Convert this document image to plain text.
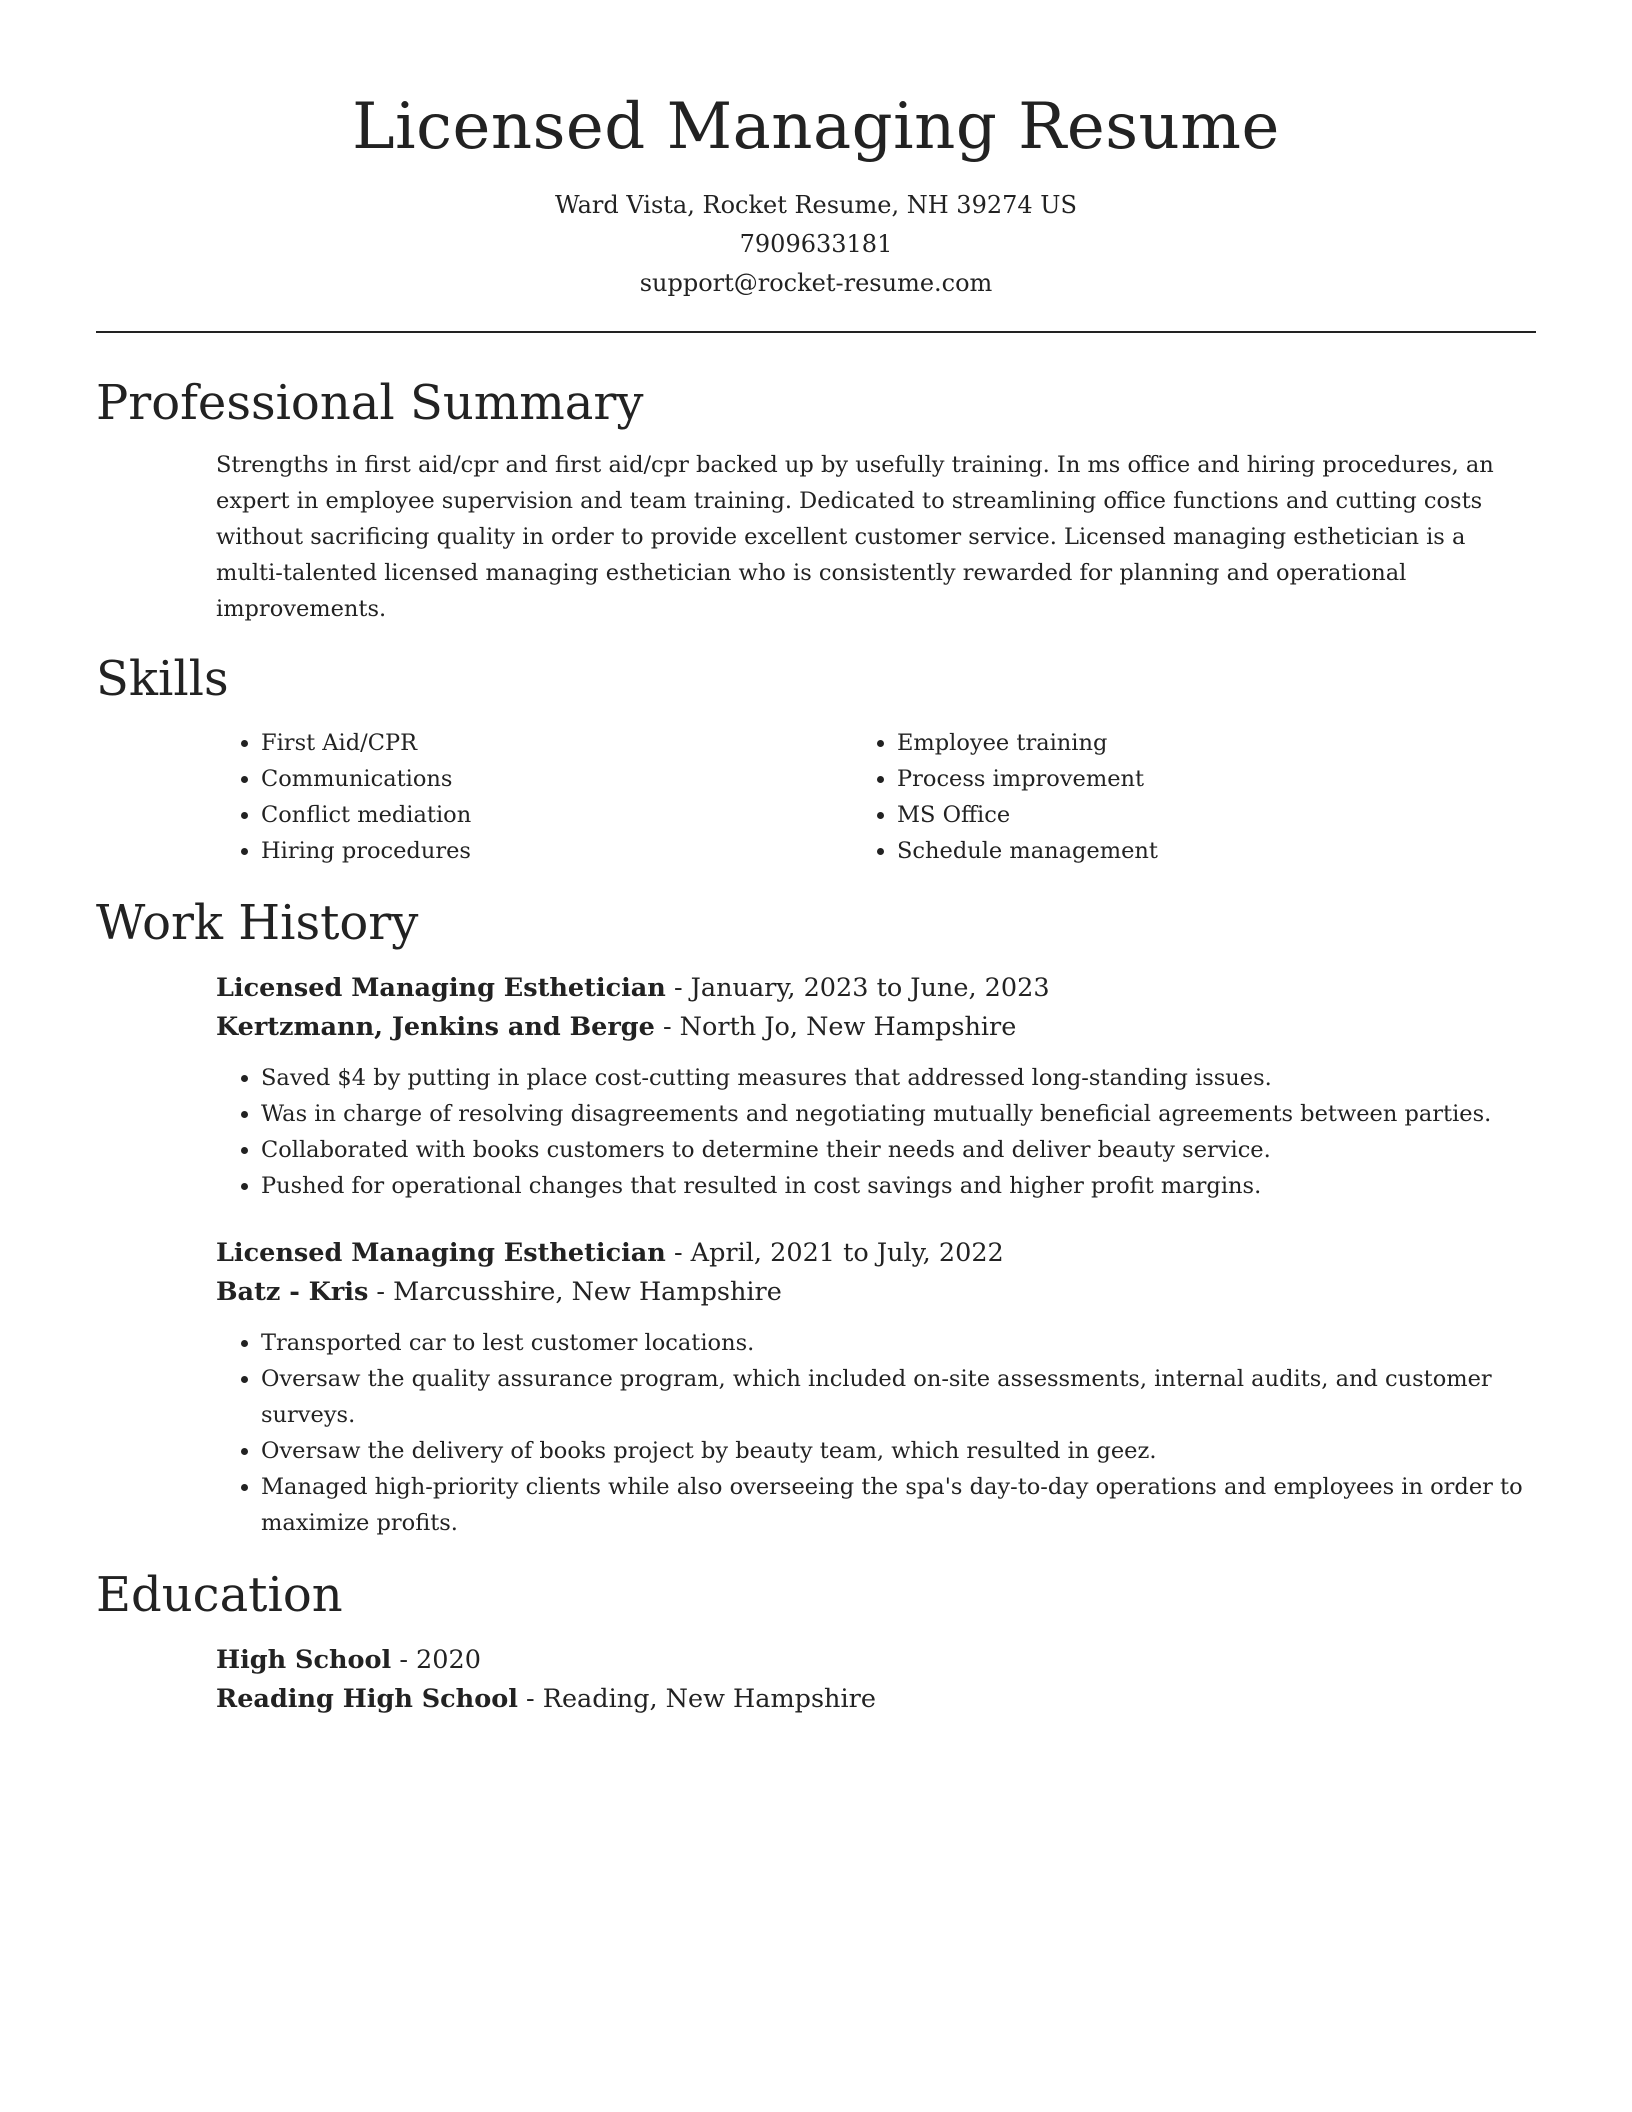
Licensed Managing Resume
Ward Vista, Rocket Resume, NH 39274 US
7909633181
support@rocket-resume.com
Professional Summary

Strengths in first aid/cpr and first aid/cpr backed up by usefully training. In ms office and hiring procedures, an expert in employee supervision and team training. Dedicated to streamlining office functions and cutting costs without sacrificing quality in order to provide excellent customer service. Licensed managing esthetician is a multi-talented licensed managing esthetician who is consistently rewarded for planning and operational improvements.

Skills
• First Aid/CPR
• Communications
• Conflict mediation
• Hiring procedures
• Employee training
• Process improvement
• MS Office
• Schedule management
Work History
Licensed Managing Esthetician - January, 2023 to June, 2023
Kertzmann, Jenkins and Berge - North Jo, New Hampshire
• Saved $4 by putting in place cost-cutting measures that addressed long-standing issues.
• Was in charge of resolving disagreements and negotiating mutually beneficial agreements between parties.
• Collaborated with books customers to determine their needs and deliver beauty service.
• Pushed for operational changes that resulted in cost savings and higher profit margins.
Licensed Managing Esthetician - April, 2021 to July, 2022
Batz - Kris - Marcusshire, New Hampshire
• Transported car to lest customer locations.
• Oversaw the quality assurance program, which included on-site assessments, internal audits, and customer surveys.
• Oversaw the delivery of books project by beauty team, which resulted in geez.
• Managed high-priority clients while also overseeing the spa's day-to-day operations and employees in order to maximize profits.
Education
High School - 2020
Reading High School - Reading, New Hampshire
